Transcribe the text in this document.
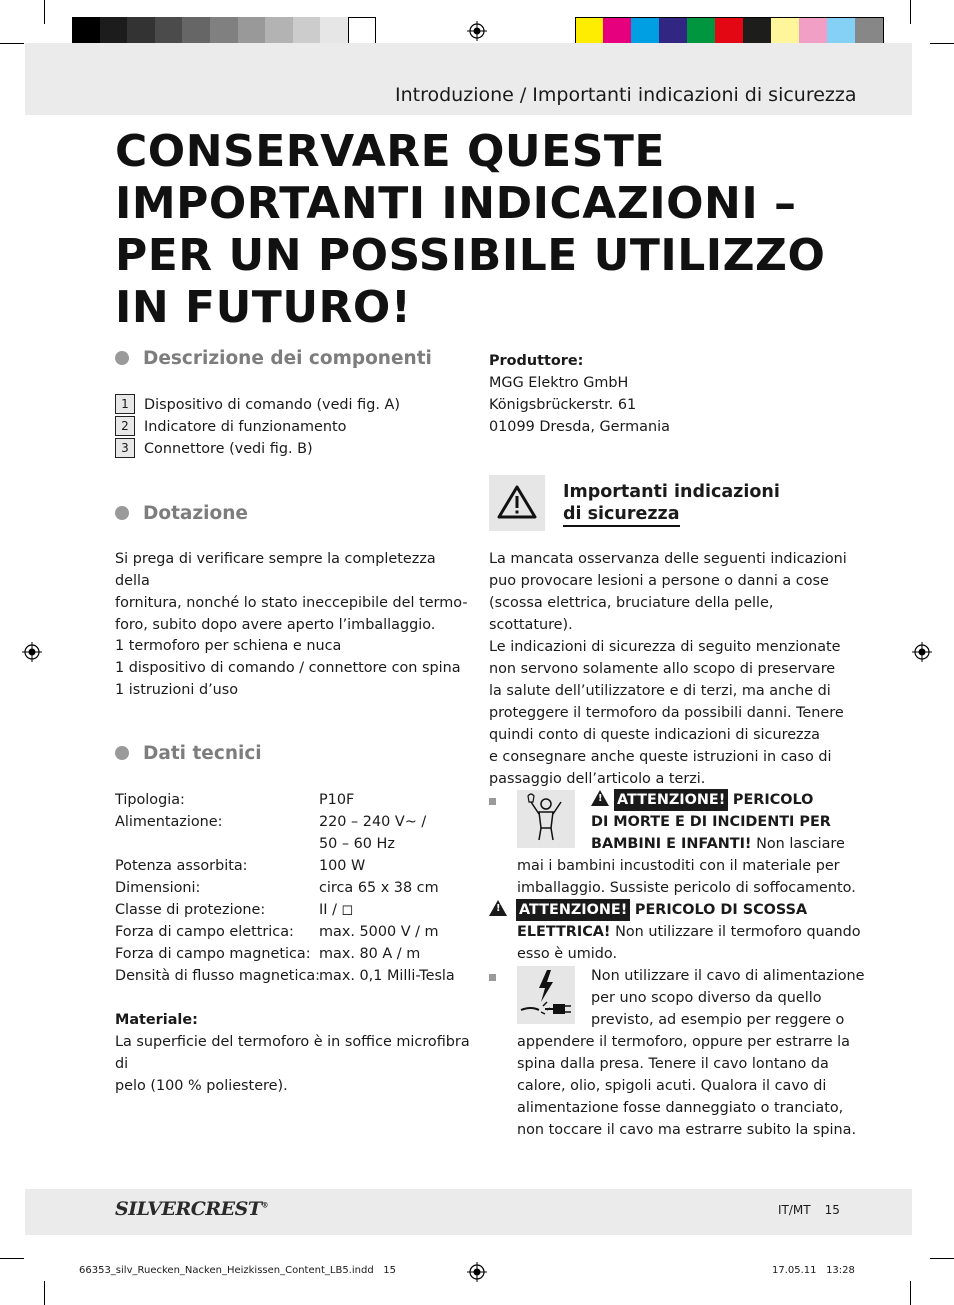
Introduzione / Importanti indicazioni di sicurezza
CONSERVARE QUESTE
IMPORTANTI INDICAZIONI –
PER UN POSSIBILE UTILIZZO
IN FUTURO!
Descrizione dei componenti
1 Dispositivo di comando (vedi fig. A)
2 Indicatore di funzionamento
3 Connettore (vedi fig. B)
Dotazione
Si prega di verificare sempre la completezza della
fornitura, nonché lo stato ineccepibile del termo-
foro, subito dopo avere aperto l’imballaggio.
1 termoforo per schiena e nuca
1 dispositivo di comando / connettore con spina
1 istruzioni d’uso
Dati tecnici
Tipologia:	P10F
Alimentazione:	220 – 240 V~ /
50 – 60 Hz
Potenza assorbita:	100 W
Dimensioni:	circa 65 x 38 cm
Classe di protezione:	II / ◻
Forza di campo elettrica: max. 5000 V / m
Forza di campo magnetica: max. 80 A / m
Densità di flusso magnetica:
max. 0,1 Milli-Tesla
Materiale:
La superficie del termoforo è in soffice microfibra di
pelo (100 % poliestere).
Produttore:
MGG Elektro GmbH
Königsbrückerstr. 61
01099 Dresda, Germania
Importanti indicazioni
di sicurezza
La mancata osservanza delle seguenti indicazioni
puo provocare lesioni a persone o danni a cose
(scossa elettrica, bruciature della pelle, scottature).
Le indicazioni di sicurezza di seguito menzionate
non servono solamente allo scopo di preservare
la salute dell’utilizzatore e di terzi, ma anche di
proteggere il termoforo da possibili danni. Tenere
quindi conto di queste indicazioni di sicurezza
e consegnare anche queste istruzioni in caso di
passaggio dell’articolo a terzi.
! ATTENZIONE! PERICOLO
DI MORTE E DI INCIDENTI PER
BAMBINI E INFANTI! Non lasciare
mai i bambini incustoditi con il materiale per
imballaggio. Sussiste pericolo di soffocamento.
! ATTENZIONE! PERICOLO DI SCOSSA
ELETTRICA! Non utilizzare il termoforo quando
esso è umido.
Non utilizzare il cavo di alimentazione
per uno scopo diverso da quello
previsto, ad esempio per reggere o
appendere il termoforo, oppure per estrarre la
spina dalla presa. Tenere il cavo lontano da
calore, olio, spigoli acuti. Qualora il cavo di
alimentazione fosse danneggiato o tranciato,
non toccare il cavo ma estrarre subito la spina.
SILVERCREST®	IT/MT 15
66353_silv_Ruecken_Nacken_Heizkissen_Content_LB5.indd   15	17.05.11   13:28
